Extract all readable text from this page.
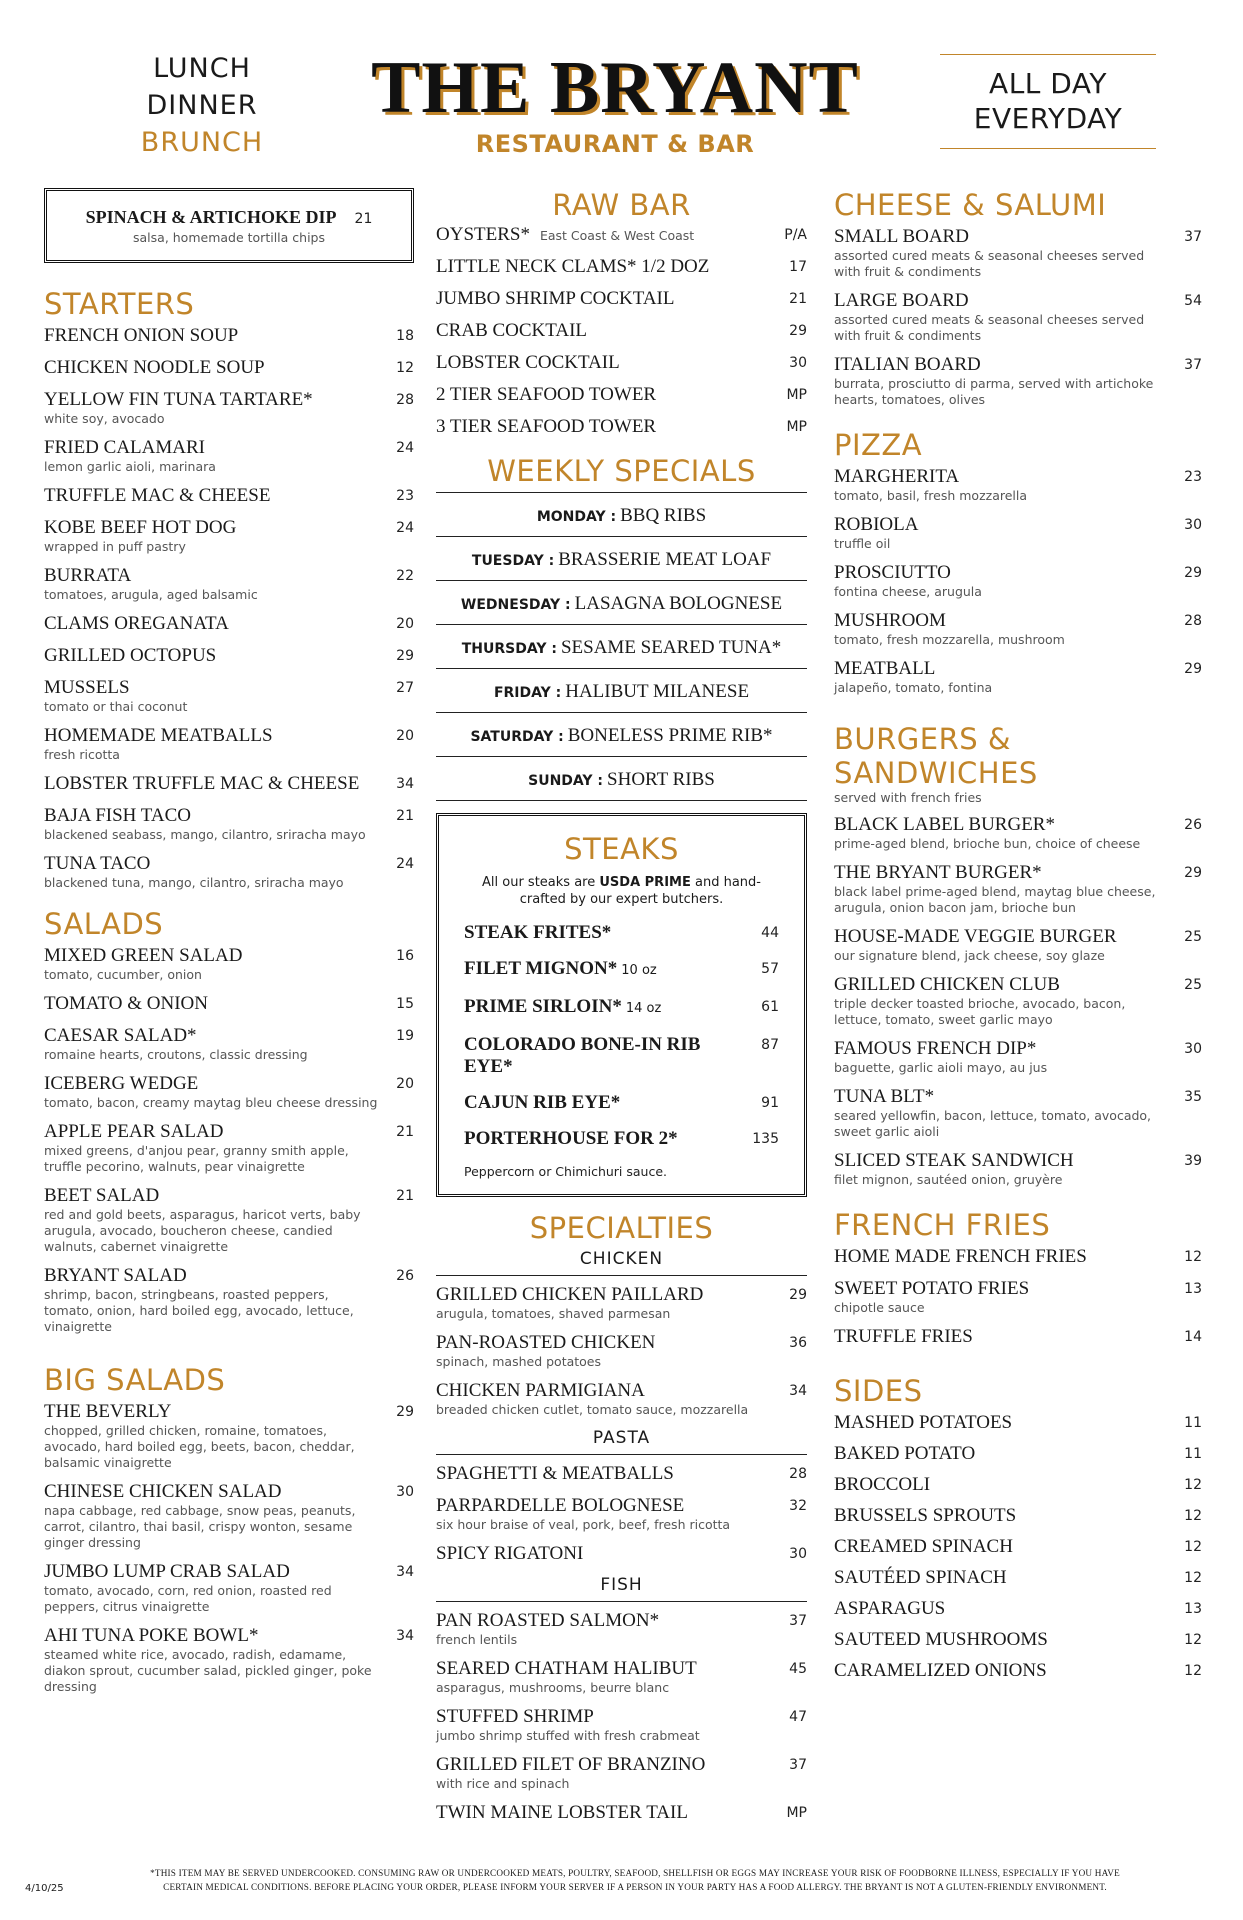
LUNCH
DINNER
BRUNCH
THE BRYANT
RESTAURANT & BAR
ALL DAY
EVERYDAY
SPINACH & ARTICHOKE DIP 21
salsa, homemade tortilla chips
STARTERS
FRENCH ONION SOUP	18
CHICKEN NOODLE SOUP	12
YELLOW FIN TUNA TARTARE*	28
white soy, avocado
FRIED CALAMARI	24
lemon garlic aioli, marinara
TRUFFLE MAC & CHEESE	23
KOBE BEEF HOT DOG	24
wrapped in puff pastry
BURRATA	22
tomatoes, arugula, aged balsamic
CLAMS OREGANATA	20
GRILLED OCTOPUS	29
MUSSELS	27
tomato or thai coconut
HOMEMADE MEATBALLS	20
fresh ricotta
LOBSTER TRUFFLE MAC & CHEESE	34
BAJA FISH TACO	21
blackened seabass, mango, cilantro, sriracha mayo
TUNA TACO	24
blackened tuna, mango, cilantro, sriracha mayo
SALADS
MIXED GREEN SALAD	16
tomato, cucumber, onion
TOMATO & ONION	15
CAESAR SALAD*	19
romaine hearts, croutons, classic dressing
ICEBERG WEDGE	20
tomato, bacon, creamy maytag bleu cheese dressing
APPLE PEAR SALAD	21
mixed greens, d'anjou pear, granny smith apple, truffle pecorino, walnuts, pear vinaigrette
BEET SALAD	21
red and gold beets, asparagus, haricot verts, baby arugula, avocado, boucheron cheese, candied walnuts, cabernet vinaigrette
BRYANT SALAD	26
shrimp, bacon, stringbeans, roasted peppers, tomato, onion, hard boiled egg, avocado, lettuce, vinaigrette
BIG SALADS
THE BEVERLY	29
chopped, grilled chicken, romaine, tomatoes, avocado, hard boiled egg, beets, bacon, cheddar, balsamic vinaigrette
CHINESE CHICKEN SALAD	30
napa cabbage, red cabbage, snow peas, peanuts, carrot, cilantro, thai basil, crispy wonton, sesame ginger dressing
JUMBO LUMP CRAB SALAD	34
tomato, avocado, corn, red onion, roasted red peppers, citrus vinaigrette
AHI TUNA POKE BOWL*	34
steamed white rice, avocado, radish, edamame, diakon sprout, cucumber salad, pickled ginger, poke dressing
RAW BAR
OYSTERS* East Coast & West Coast	P/A
LITTLE NECK CLAMS* 1/2 DOZ	17
JUMBO SHRIMP COCKTAIL	21
CRAB COCKTAIL	29
LOBSTER COCKTAIL	30
2 TIER SEAFOOD TOWER	MP
3 TIER SEAFOOD TOWER	MP
WEEKLY SPECIALS
MONDAY : BBQ RIBS
TUESDAY : BRASSERIE MEAT LOAF
WEDNESDAY : LASAGNA BOLOGNESE
THURSDAY : SESAME SEARED TUNA*
FRIDAY : HALIBUT MILANESE
SATURDAY : BONELESS PRIME RIB*
SUNDAY : SHORT RIBS
STEAKS
All our steaks are USDA PRIME and hand-crafted by our expert butchers.
STEAK FRITES*	44
FILET MIGNON* 10 oz	57
PRIME SIRLOIN* 14 oz	61
COLORADO BONE-IN RIB EYE*
87
CAJUN RIB EYE*	91
PORTERHOUSE FOR 2*	135
Peppercorn or Chimichuri sauce.
SPECIALTIES
CHICKEN
GRILLED CHICKEN PAILLARD	29
arugula, tomatoes, shaved parmesan
PAN-ROASTED CHICKEN	36
spinach, mashed potatoes
CHICKEN PARMIGIANA	34
breaded chicken cutlet, tomato sauce, mozzarella
PASTA
SPAGHETTI & MEATBALLS	28
PARPARDELLE BOLOGNESE	32
six hour braise of veal, pork, beef, fresh ricotta
SPICY RIGATONI	30
FISH
PAN ROASTED SALMON*	37
french lentils
SEARED CHATHAM HALIBUT	45
asparagus, mushrooms, beurre blanc
STUFFED SHRIMP	47
jumbo shrimp stuffed with fresh crabmeat
GRILLED FILET OF BRANZINO	37
with rice and spinach
TWIN MAINE LOBSTER TAIL	MP
CHEESE & SALUMI
SMALL BOARD	37
assorted cured meats & seasonal cheeses served with fruit & condiments
LARGE BOARD	54
assorted cured meats & seasonal cheeses served with fruit & condiments
ITALIAN BOARD	37
burrata, prosciutto di parma, served with artichoke hearts, tomatoes, olives
PIZZA
MARGHERITA	23
tomato, basil, fresh mozzarella
ROBIOLA	30
truffle oil
PROSCIUTTO	29
fontina cheese, arugula
MUSHROOM	28
tomato, fresh mozzarella, mushroom
MEATBALL	29
jalapeño, tomato, fontina
BURGERS &
SANDWICHES
served with french fries
BLACK LABEL BURGER*	26
prime-aged blend, brioche bun, choice of cheese
THE BRYANT BURGER*	29
black label prime-aged blend, maytag blue cheese, arugula, onion bacon jam, brioche bun
HOUSE-MADE VEGGIE BURGER	25
our signature blend, jack cheese, soy glaze
GRILLED CHICKEN CLUB	25
triple decker toasted brioche, avocado, bacon, lettuce, tomato, sweet garlic mayo
FAMOUS FRENCH DIP*	30
baguette, garlic aioli mayo, au jus
TUNA BLT*	35
seared yellowfin, bacon, lettuce, tomato, avocado, sweet garlic aioli
SLICED STEAK SANDWICH	39
filet mignon, sautéed onion, gruyère
FRENCH FRIES
HOME MADE FRENCH FRIES	12
SWEET POTATO FRIES	13
chipotle sauce
TRUFFLE FRIES	14
SIDES
MASHED POTATOES	11
BAKED POTATO	11
BROCCOLI	12
BRUSSELS SPROUTS	12
CREAMED SPINACH	12
SAUTÉED SPINACH	12
ASPARAGUS	13
SAUTEED MUSHROOMS	12
CARAMELIZED ONIONS	12
4/10/25
*THIS ITEM MAY BE SERVED UNDERCOOKED. CONSUMING RAW OR UNDERCOOKED MEATS, POULTRY, SEAFOOD, SHELLFISH OR EGGS MAY INCREASE YOUR RISK OF FOODBORNE ILLNESS, ESPECIALLY IF YOU HAVE
CERTAIN MEDICAL CONDITIONS. BEFORE PLACING YOUR ORDER, PLEASE INFORM YOUR SERVER IF A PERSON IN YOUR PARTY HAS A FOOD ALLERGY. THE BRYANT IS NOT A GLUTEN-FRIENDLY ENVIRONMENT.
